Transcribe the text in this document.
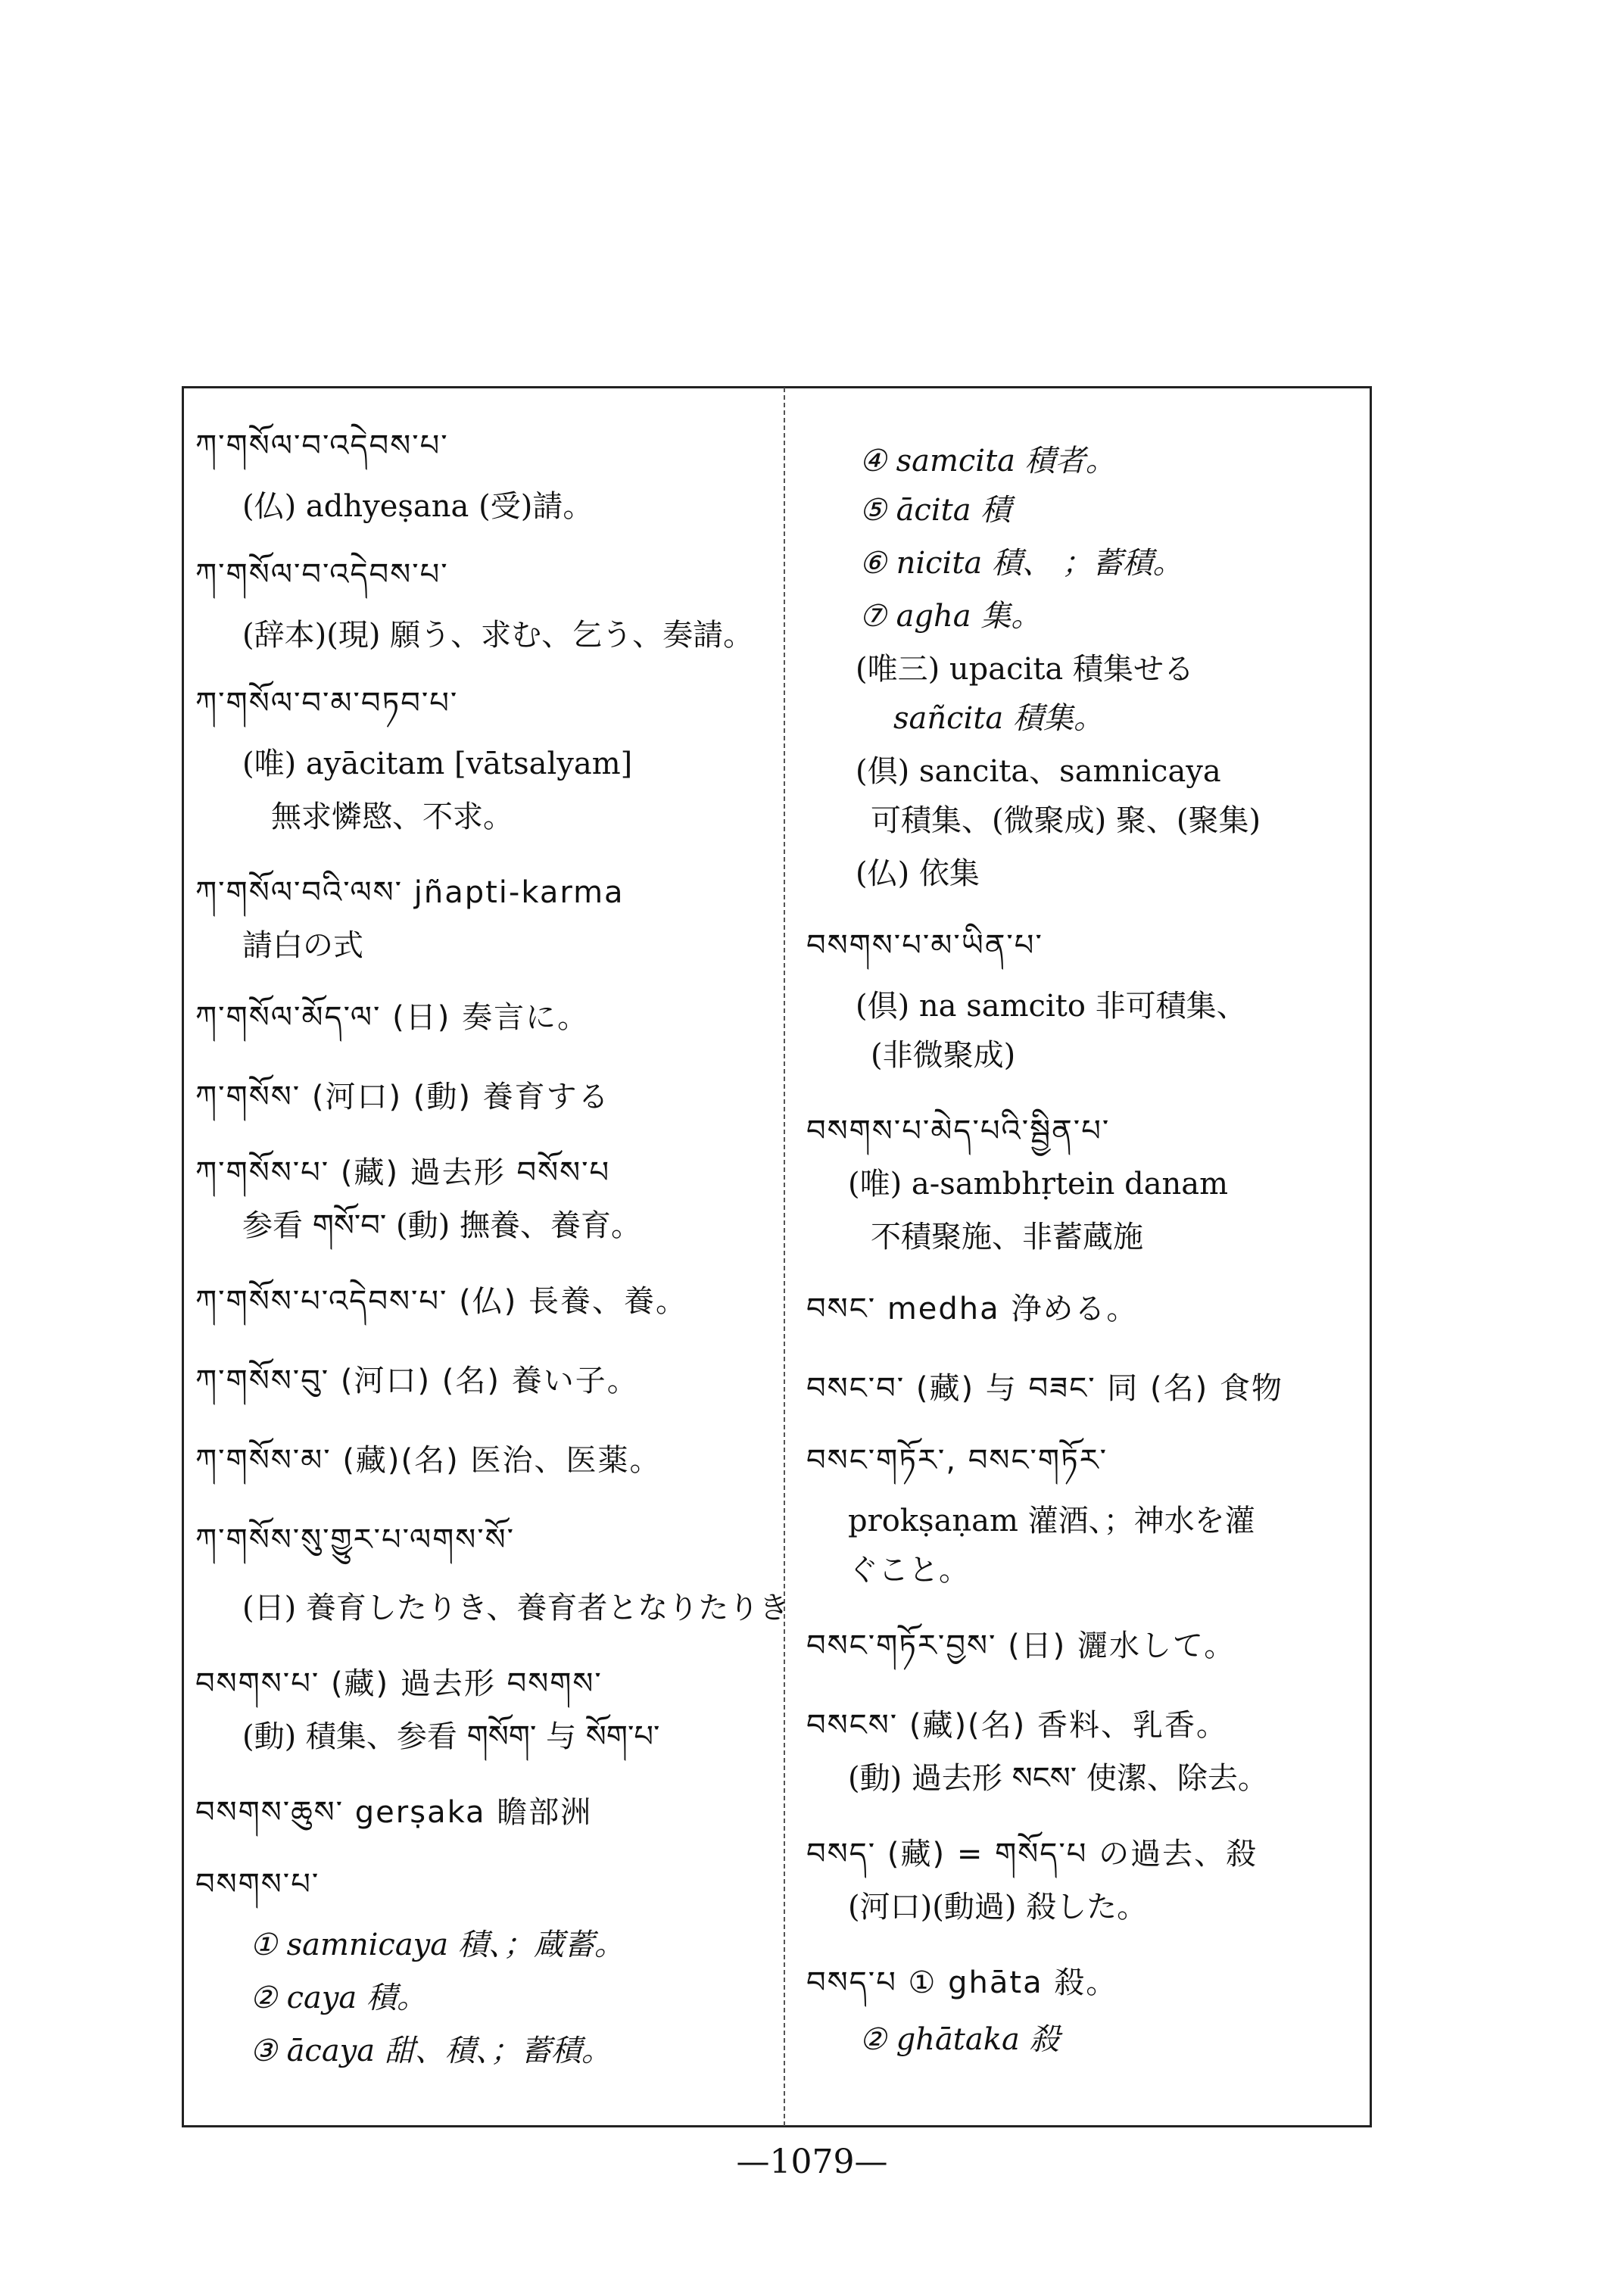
ཀ་གསོལ་བ་འདེབས་པ་
(仏) adhyeṣana (受)請。
ཀ་གསོལ་བ་འདེབས་པ་
(辞本)(現) 願う、求む、乞う、奏請。
ཀ་གསོལ་བ་མ་བཏབ་པ་
(唯) ayācitam [vātsalyam]
無求憐愍、不求。
ཀ་གསོལ་བའི་ལས་ jñapti-karma
請白の式
ཀ་གསོལ་མོད་ལ་ (日) 奏言に。
ཀ་གསོས་ (河口) (動) 養育する
ཀ་གསོས་པ་ (藏) 過去形 བསོས་པ
参看 གསོ་བ་ (動) 撫養、養育。
ཀ་གསོས་པ་འདེབས་པ་ (仏) 長養、養。
ཀ་གསོས་བུ་ (河口) (名) 養い子。
ཀ་གསོས་མ་ (藏)(名) 医治、医薬。
ཀ་གསོས་སུ་གྱུར་པ་ལགས་སོ་
(日) 養育したりき、養育者となりたりき
བསགས་པ་ (藏) 過去形 བསགས་
(動) 積集、参看 གསོག་ 与 སོག་པ་
བསགས་ཆུས་ gerṣaka 瞻部洲
བསགས་པ་
① samnicaya 積、；蔵蓄。
② caya 積。
③ ācaya 甜、積、；蓄積。
④ samcita 積者。
⑤ ācita 積
⑥ nicita 積、 ；蓄積。
⑦ agha 集。
(唯三) upacita 積集せる
sañcita 積集。
(倶) sancita、samnicaya
可積集、(微聚成) 聚、(聚集)
(仏) 依集
བསགས་པ་མ་ཡིན་པ་
(倶) na samcito 非可積集、
(非微聚成)
བསགས་པ་མེད་པའི་སྦྱིན་པ་
(唯) a-sambhṛtein danam
不積聚施、非蓄蔵施
བསང་ medha 浄める。
བསང་བ་ (藏) 与 བཟང་ 同 (名) 食物
བསང་གཏོར་, བསང་གཏོར་
prokṣaṇam 灌酒、；神水を灌
ぐこと。
བསང་གཏོར་བྱས་ (日) 灑水して。
བསངས་ (藏)(名) 香料、乳香。
(動) 過去形 སངས་ 使潔、除去。
བསད་ (藏) = གསོད་པ の過去、殺
(河口)(動過) 殺した。
བསད་པ ① ghāta 殺。
② ghātaka 殺
—1079—
